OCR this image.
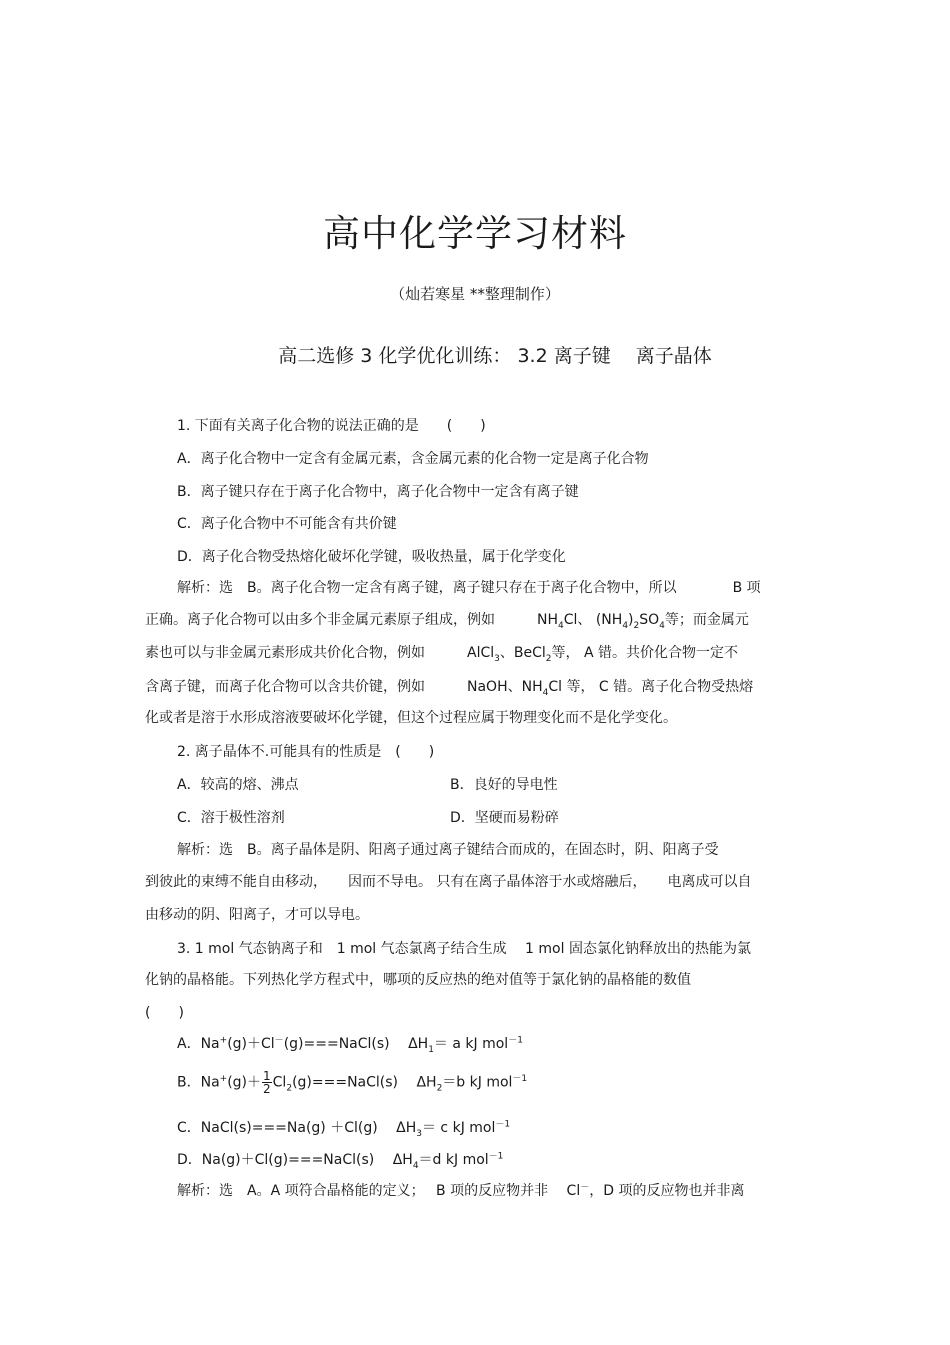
高中化学学习材料
（灿若寒星 **整理制作）
高二选修 3 化学优化训练： 3.2 离子键　 离子晶体
1. 下面有关离子化合物的说法正确的是　　(　　)
A．离子化合物中一定含有金属元素，含金属元素的化合物一定是离子化合物
B．离子键只存在于离子化合物中，离子化合物中一定含有离子键
C．离子化合物中不可能含有共价键
D．离子化合物受热熔化破坏化学键，吸收热量，属于化学变化
解析：选　B。离子化合物一定含有离子键，离子键只存在于离子化合物中，所以　　　　B 项
正确。离子化合物可以由多个非金属元素原子组成，例如　　　$NH_4Cl$、 $(NH_4)_2SO_4$等；而金属元
素也可以与非金属元素形成共价化合物，例如　　　AlCl$_3$、BeCl$_2$等， A 错。共价化合物一定不
含离子键，而离子化合物可以含共价键，例如　　　NaOH、$NH_4Cl$ 等， C 错。离子化合物受热熔
化或者是溶于水形成溶液要破坏化学键，但这个过程应属于物理变化而不是化学变化。
2. 离子晶体不.可能具有的性质是　(　　)
A．较高的熔、沸点	B．良好的导电性
C．溶于极性溶剂	D．坚硬而易粉碎
解析：选　B。离子晶体是阴、阳离子通过离子键结合而成的，在固态时，阴、阳离子受
到彼此的束缚不能自由移动，　　因而不导电。 只有在离子晶体溶于水或熔融后，　　电离成可以自
由移动的阴、阳离子，才可以导电。
3. 1 mol 气态钠离子和　1 mol 气态氯离子结合生成　 1 mol 固态氯化钠释放出的热能为氯
化钠的晶格能。下列热化学方程式中，哪项的反应热的绝对值等于氯化钠的晶格能的数值
(　　)
A．Na+(g)＋Cl－(g)===NaCl(s)　 $\Delta H_1= a$ kJ mol$^{-1}$
B．$Na^+(g)+ \frac{1}{2}$ $Cl_2(g)===NaCl(s)$　 $\Delta H_2=b$ kJ mol$^{-1}$
C．NaCl(s)===Na(g) ＋Cl(g)　 $\Delta H_3= c$ kJ mol$^{-1}$
D．Na(g)＋Cl(g)===NaCl(s)　 $\Delta H_4=d$ kJ mol$^{-1}$
解析：选　A。A 项符合晶格能的定义；　 B 项的反应物并非　 Cl－，D 项的反应物也并非离
